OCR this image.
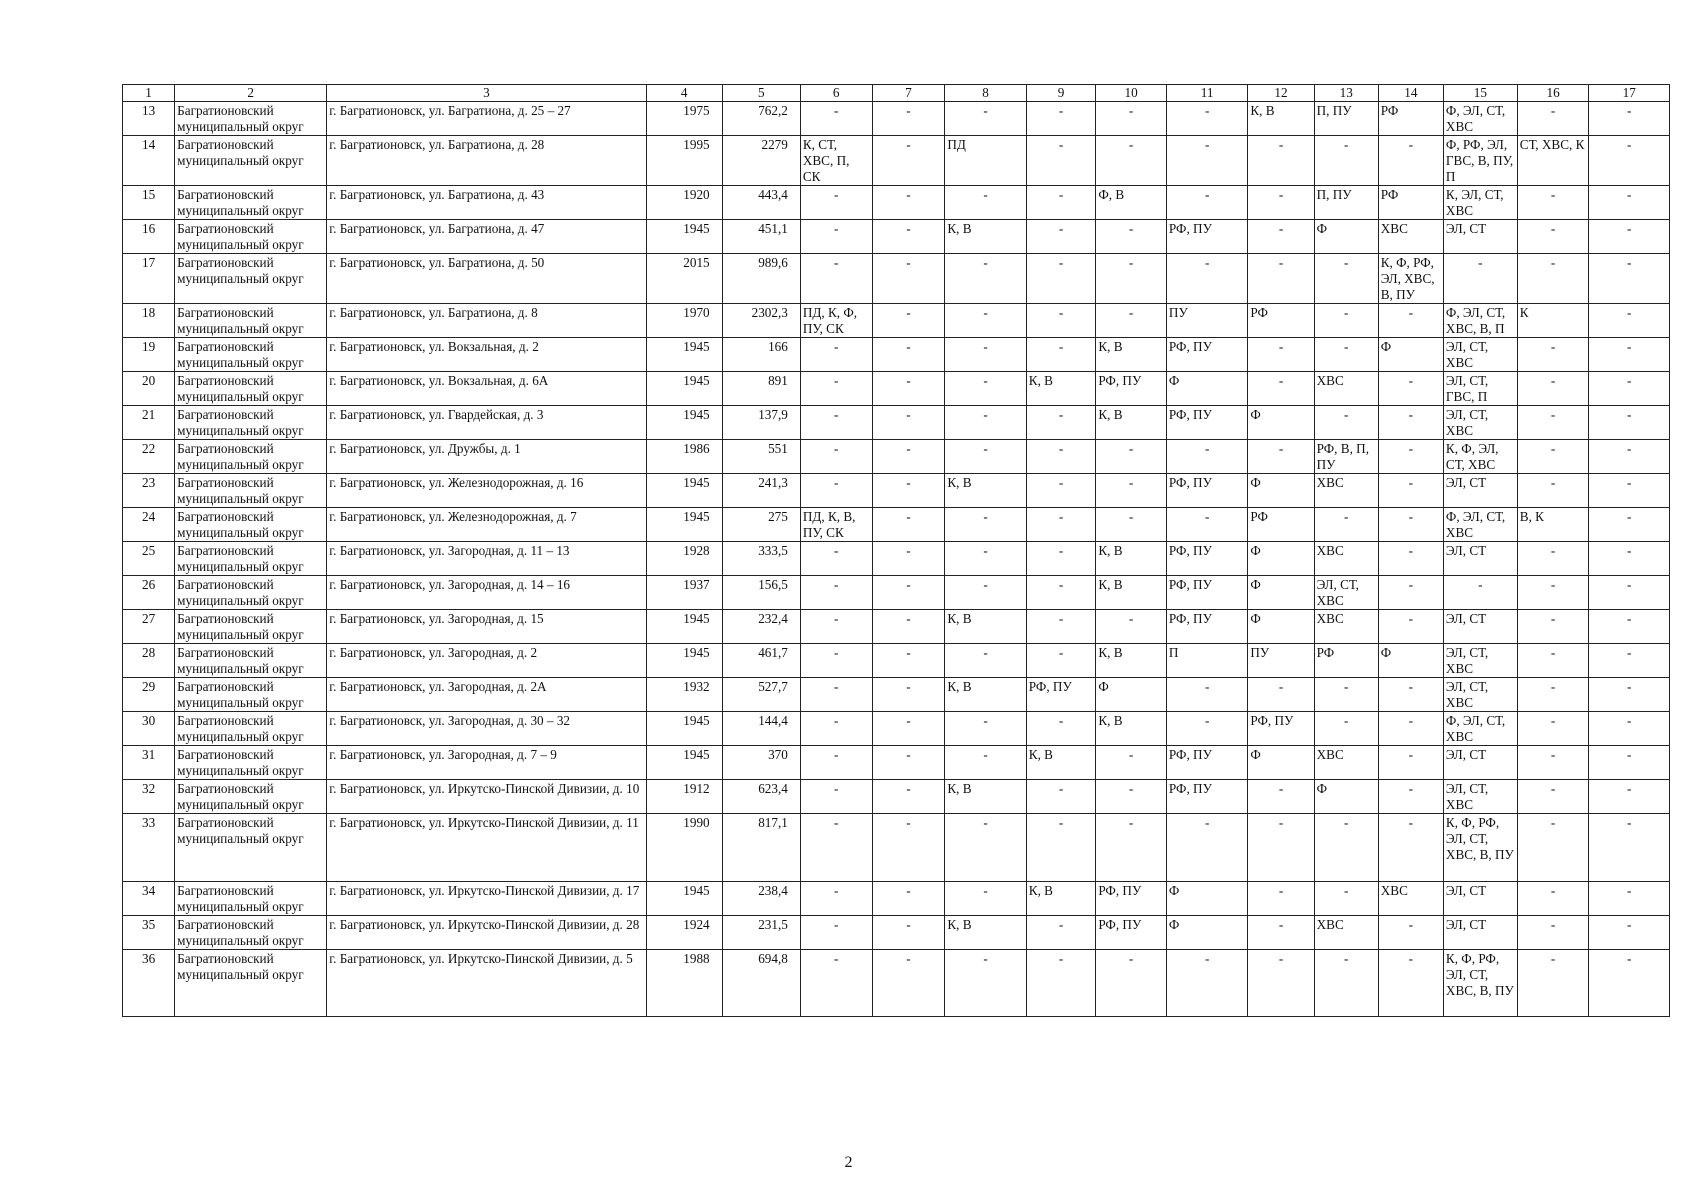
1	2	3	4	5	6	7	8	9	10	11	12	13	14	15	16	17
13	Багратионовский муниципальный округ	г. Багратионовск, ул. Багратиона, д. 25 – 27	1975	762,2	-	-	-	-	-	-	К, В	П, ПУ	РФ	Ф, ЭЛ, СТ, ХВС	-	-
14	Багратионовский муниципальный округ	г. Багратионовск, ул. Багратиона, д. 28	1995	2279	К, СТ, ХВС, П, СК	-	ПД	-	-	-	-	-	-	Ф, РФ, ЭЛ, ГВС, В, ПУ, П	СТ, ХВС, К	-
15	Багратионовский муниципальный округ	г. Багратионовск, ул. Багратиона, д. 43	1920	443,4	-	-	-	-	Ф, В	-	-	П, ПУ	РФ	К, ЭЛ, СТ, ХВС	-	-
16	Багратионовский муниципальный округ	г. Багратионовск, ул. Багратиона, д. 47	1945	451,1	-	-	К, В	-	-	РФ, ПУ	-	Ф	ХВС	ЭЛ, СТ	-	-
17	Багратионовский муниципальный округ	г. Багратионовск, ул. Багратиона, д. 50	2015	989,6	-	-	-	-	-	-	-	-	К, Ф, РФ, ЭЛ, ХВС, В, ПУ	-	-	-
18	Багратионовский муниципальный округ	г. Багратионовск, ул. Багратиона, д. 8	1970	2302,3	ПД, К, Ф, ПУ, СК	-	-	-	-	ПУ	РФ	-	-	Ф, ЭЛ, СТ, ХВС, В, П	К	-
19	Багратионовский муниципальный округ	г. Багратионовск, ул. Вокзальная, д. 2	1945	166	-	-	-	-	К, В	РФ, ПУ	-	-	Ф	ЭЛ, СТ, ХВС	-	-
20	Багратионовский муниципальный округ	г. Багратионовск, ул. Вокзальная, д. 6А	1945	891	-	-	-	К, В	РФ, ПУ	Ф	-	ХВС	-	ЭЛ, СТ, ГВС, П	-	-
21	Багратионовский муниципальный округ	г. Багратионовск, ул. Гвардейская, д. 3	1945	137,9	-	-	-	-	К, В	РФ, ПУ	Ф	-	-	ЭЛ, СТ, ХВС	-	-
22	Багратионовский муниципальный округ	г. Багратионовск, ул. Дружбы, д. 1	1986	551	-	-	-	-	-	-	-	РФ, В, П, ПУ	-	К, Ф, ЭЛ, СТ, ХВС	-	-
23	Багратионовский муниципальный округ	г. Багратионовск, ул. Железнодорожная, д. 16	1945	241,3	-	-	К, В	-	-	РФ, ПУ	Ф	ХВС	-	ЭЛ, СТ	-	-
24	Багратионовский муниципальный округ	г. Багратионовск, ул. Железнодорожная, д. 7	1945	275	ПД, К, В, ПУ, СК	-	-	-	-	-	РФ	-	-	Ф, ЭЛ, СТ, ХВС	В, К	-
25	Багратионовский муниципальный округ	г. Багратионовск, ул. Загородная, д. 11 – 13	1928	333,5	-	-	-	-	К, В	РФ, ПУ	Ф	ХВС	-	ЭЛ, СТ	-	-
26	Багратионовский муниципальный округ	г. Багратионовск, ул. Загородная, д. 14 – 16	1937	156,5	-	-	-	-	К, В	РФ, ПУ	Ф	ЭЛ, СТ, ХВС	-	-	-	-
27	Багратионовский муниципальный округ	г. Багратионовск, ул. Загородная, д. 15	1945	232,4	-	-	К, В	-	-	РФ, ПУ	Ф	ХВС	-	ЭЛ, СТ	-	-
28	Багратионовский муниципальный округ	г. Багратионовск, ул. Загородная, д. 2	1945	461,7	-	-	-	-	К, В	П	ПУ	РФ	Ф	ЭЛ, СТ, ХВС	-	-
29	Багратионовский муниципальный округ	г. Багратионовск, ул. Загородная, д. 2А	1932	527,7	-	-	К, В	РФ, ПУ	Ф	-	-	-	-	ЭЛ, СТ, ХВС	-	-
30	Багратионовский муниципальный округ	г. Багратионовск, ул. Загородная, д. 30 – 32	1945	144,4	-	-	-	-	К, В	-	РФ, ПУ	-	-	Ф, ЭЛ, СТ, ХВС	-	-
31	Багратионовский муниципальный округ	г. Багратионовск, ул. Загородная, д. 7 – 9	1945	370	-	-	-	К, В	-	РФ, ПУ	Ф	ХВС	-	ЭЛ, СТ	-	-
32	Багратионовский муниципальный округ	г. Багратионовск, ул. Иркутско-Пинской Дивизии, д. 10	1912	623,4	-	-	К, В	-	-	РФ, ПУ	-	Ф	-	ЭЛ, СТ, ХВС	-	-
33	Багратионовский муниципальный округ	г. Багратионовск, ул. Иркутско-Пинской Дивизии, д. 11	1990	817,1	-	-	-	-	-	-	-	-	-	К, Ф, РФ, ЭЛ, СТ, ХВС, В, ПУ	-	-
34	Багратионовский муниципальный округ	г. Багратионовск, ул. Иркутско-Пинской Дивизии, д. 17	1945	238,4	-	-	-	К, В	РФ, ПУ	Ф	-	-	ХВС	ЭЛ, СТ	-	-
35	Багратионовский муниципальный округ	г. Багратионовск, ул. Иркутско-Пинской Дивизии, д. 28	1924	231,5	-	-	К, В	-	РФ, ПУ	Ф	-	ХВС	-	ЭЛ, СТ	-	-
36	Багратионовский муниципальный округ	г. Багратионовск, ул. Иркутско-Пинской Дивизии, д. 5	1988	694,8	-	-	-	-	-	-	-	-	-	К, Ф, РФ, ЭЛ, СТ, ХВС, В, ПУ	-	-
2
